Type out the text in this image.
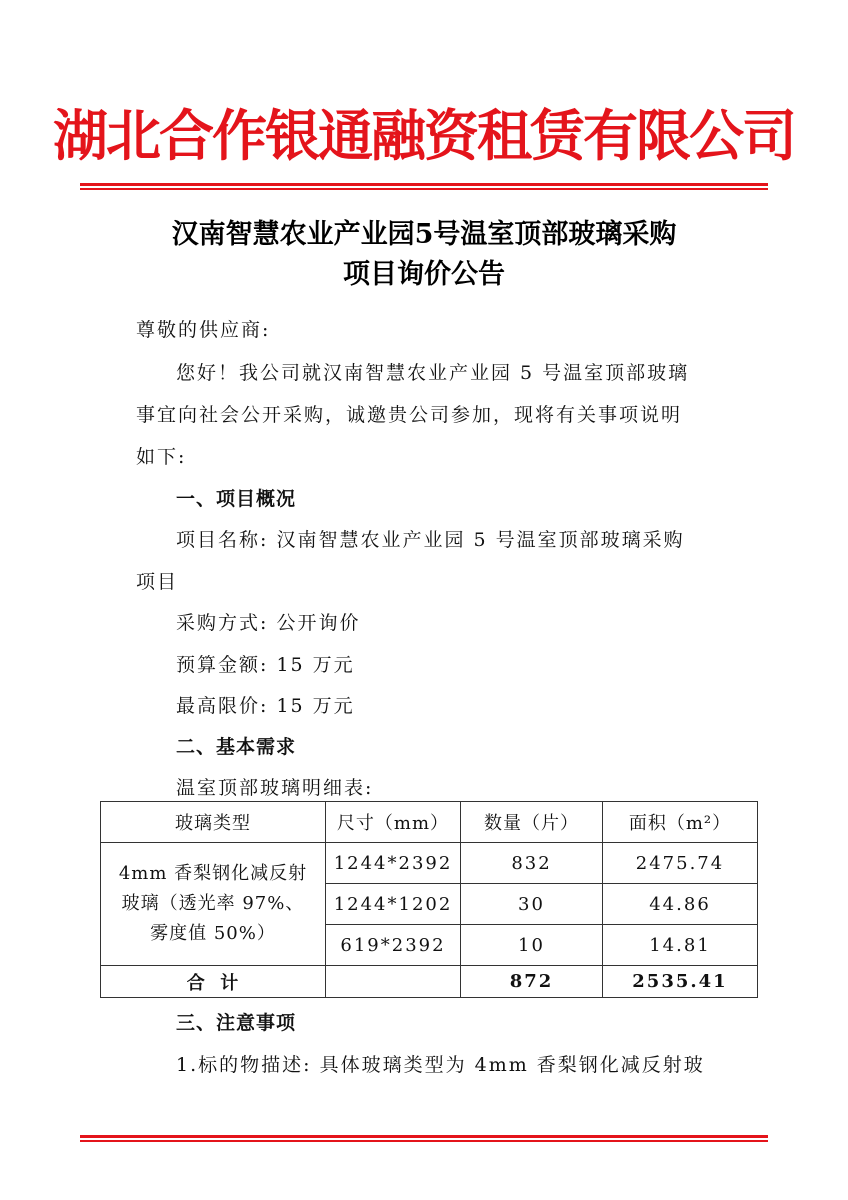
湖北合作银通融资租赁有限公司
汉南智慧农业产业园5号温室顶部玻璃采购
项目询价公告
尊敬的供应商:
您好！我公司就汉南智慧农业产业园 5 号温室顶部玻璃
事宜向社会公开采购，诚邀贵公司参加，现将有关事项说明
如下:
一、项目概况
项目名称: 汉南智慧农业产业园 5 号温室顶部玻璃采购
项目
采购方式: 公开询价
预算金额: 15 万元
最高限价: 15 万元
二、基本需求
温室顶部玻璃明细表:
玻璃类型	尺寸（mm）	数量（片）	面积（m²）

4mm 香梨钢化减反射
玻璃（透光率 97%、
雾度值 50%）	1244*2392	832	2475.74
	1244*1202	30	44.86
	619*2392	10	14.81
合  计		872	2535.41
三、注意事项
1.标的物描述: 具体玻璃类型为 4mm 香梨钢化减反射玻
